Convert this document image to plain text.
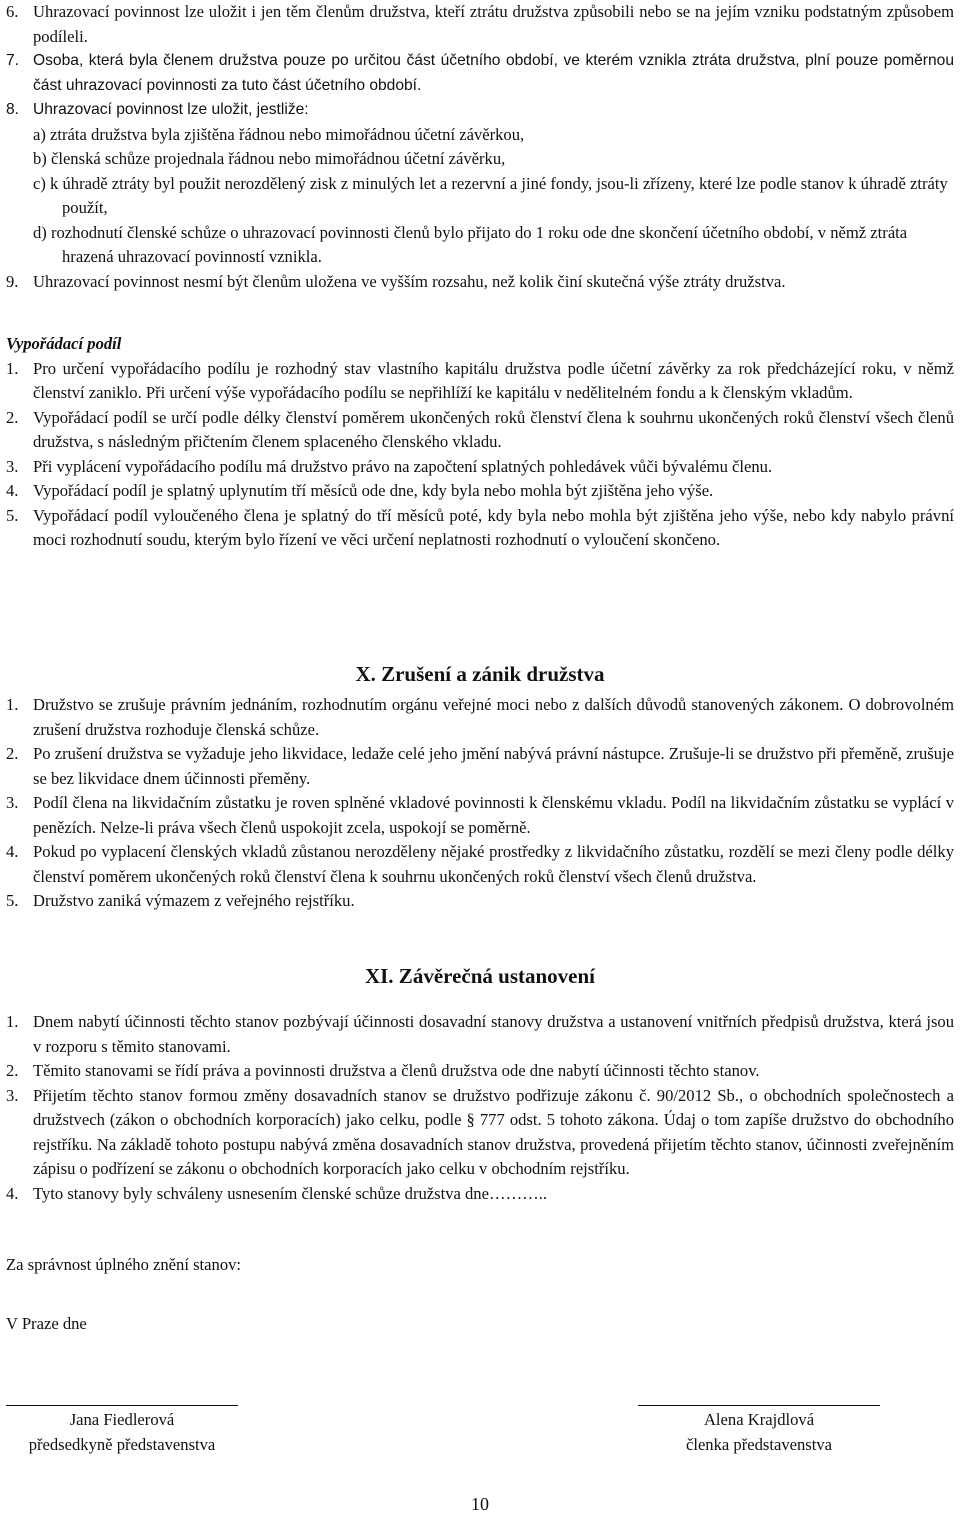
6. Uhrazovací povinnost lze uložit i jen těm členům družstva, kteří ztrátu družstva způsobili nebo se na jejím vzniku podstatným způsobem podíleli.
7. Osoba, která byla členem družstva pouze po určitou část účetního období, ve kterém vznikla ztráta družstva, plní pouze poměrnou část uhrazovací povinnosti za tuto část účetního období.
8. Uhrazovací povinnost lze uložit, jestliže:

a) ztráta družstva byla zjištěna řádnou nebo mimořádnou účetní závěrkou,

b) členská schůze projednala řádnou nebo mimořádnou účetní závěrku,

c) k úhradě ztráty byl použit nerozdělený zisk z minulých let a rezervní a jiné fondy, jsou-li zřízeny, které lze podle stanov k úhradě ztráty použít,

d) rozhodnutí členské schůze o uhrazovací povinnosti členů bylo přijato do 1 roku ode dne skončení účetního období, v němž ztráta hrazená uhrazovací povinností vznikla.

9. Uhrazovací povinnost nesmí být členům uložena ve vyšším rozsahu, než kolik činí skutečná výše ztráty družstva.
Vypořádací podíl
1. Pro určení vypořádacího podílu je rozhodný stav vlastního kapitálu družstva podle účetní závěrky za rok předcházející roku, v němž členství zaniklo. Při určení výše vypořádacího podílu se nepřihlíží ke kapitálu v nedělitelném fondu a k členským vkladům.
2. Vypořádací podíl se určí podle délky členství poměrem ukončených roků členství člena k souhrnu ukončených roků členství všech členů družstva, s následným přičtením členem splaceného členského vkladu.
3. Při vyplácení vypořádacího podílu má družstvo právo na započtení splatných pohledávek vůči bývalému členu.
4. Vypořádací podíl je splatný uplynutím tří měsíců ode dne, kdy byla nebo mohla být zjištěna jeho výše.
5. Vypořádací podíl vyloučeného člena je splatný do tří měsíců poté, kdy byla nebo mohla být zjištěna jeho výše, nebo kdy nabylo právní moci rozhodnutí soudu, kterým bylo řízení ve věci určení neplatnosti rozhodnutí o vyloučení skončeno.
X. Zrušení a zánik družstva
1. Družstvo se zrušuje právním jednáním, rozhodnutím orgánu veřejné moci nebo z dalších důvodů stanovených zákonem. O dobrovolném zrušení družstva rozhoduje členská schůze.
2. Po zrušení družstva se vyžaduje jeho likvidace, ledaže celé jeho jmění nabývá právní nástupce. Zrušuje-li se družstvo při přeměně, zrušuje se bez likvidace dnem účinnosti přeměny.
3. Podíl člena na likvidačním zůstatku je roven splněné vkladové povinnosti k členskému vkladu. Podíl na likvidačním zůstatku se vyplácí v penězích. Nelze-li práva všech členů uspokojit zcela, uspokojí se poměrně.
4. Pokud po vyplacení členských vkladů zůstanou nerozděleny nějaké prostředky z likvidačního zůstatku, rozdělí se mezi členy podle délky členství poměrem ukončených roků členství člena k souhrnu ukončených roků členství všech členů družstva.
5. Družstvo zaniká výmazem z veřejného rejstříku.
XI. Závěrečná ustanovení
1. Dnem nabytí účinnosti těchto stanov pozbývají účinnosti dosavadní stanovy družstva a ustanovení vnitřních předpisů družstva, která jsou v rozporu s těmito stanovami.
2. Těmito stanovami se řídí práva a povinnosti družstva a členů družstva ode dne nabytí účinnosti těchto stanov.
3. Přijetím těchto stanov formou změny dosavadních stanov se družstvo podřizuje zákonu č. 90/2012 Sb., o obchodních společnostech a družstvech (zákon o obchodních korporacích) jako celku, podle § 777 odst. 5 tohoto zákona. Údaj o tom zapíše družstvo do obchodního rejstříku. Na základě tohoto postupu nabývá změna dosavadních stanov družstva, provedená přijetím těchto stanov, účinnosti zveřejněním zápisu o podřízení se zákonu o obchodních korporacích jako celku v obchodním rejstříku.
4. Tyto stanovy byly schváleny usnesením členské schůze družstva dne………..

Za správnost úplného znění stanov:

V Praze dne

Jana Fiedlerová
předsedkyně představenstva
Alena Krajdlová
členka představenstva
10
